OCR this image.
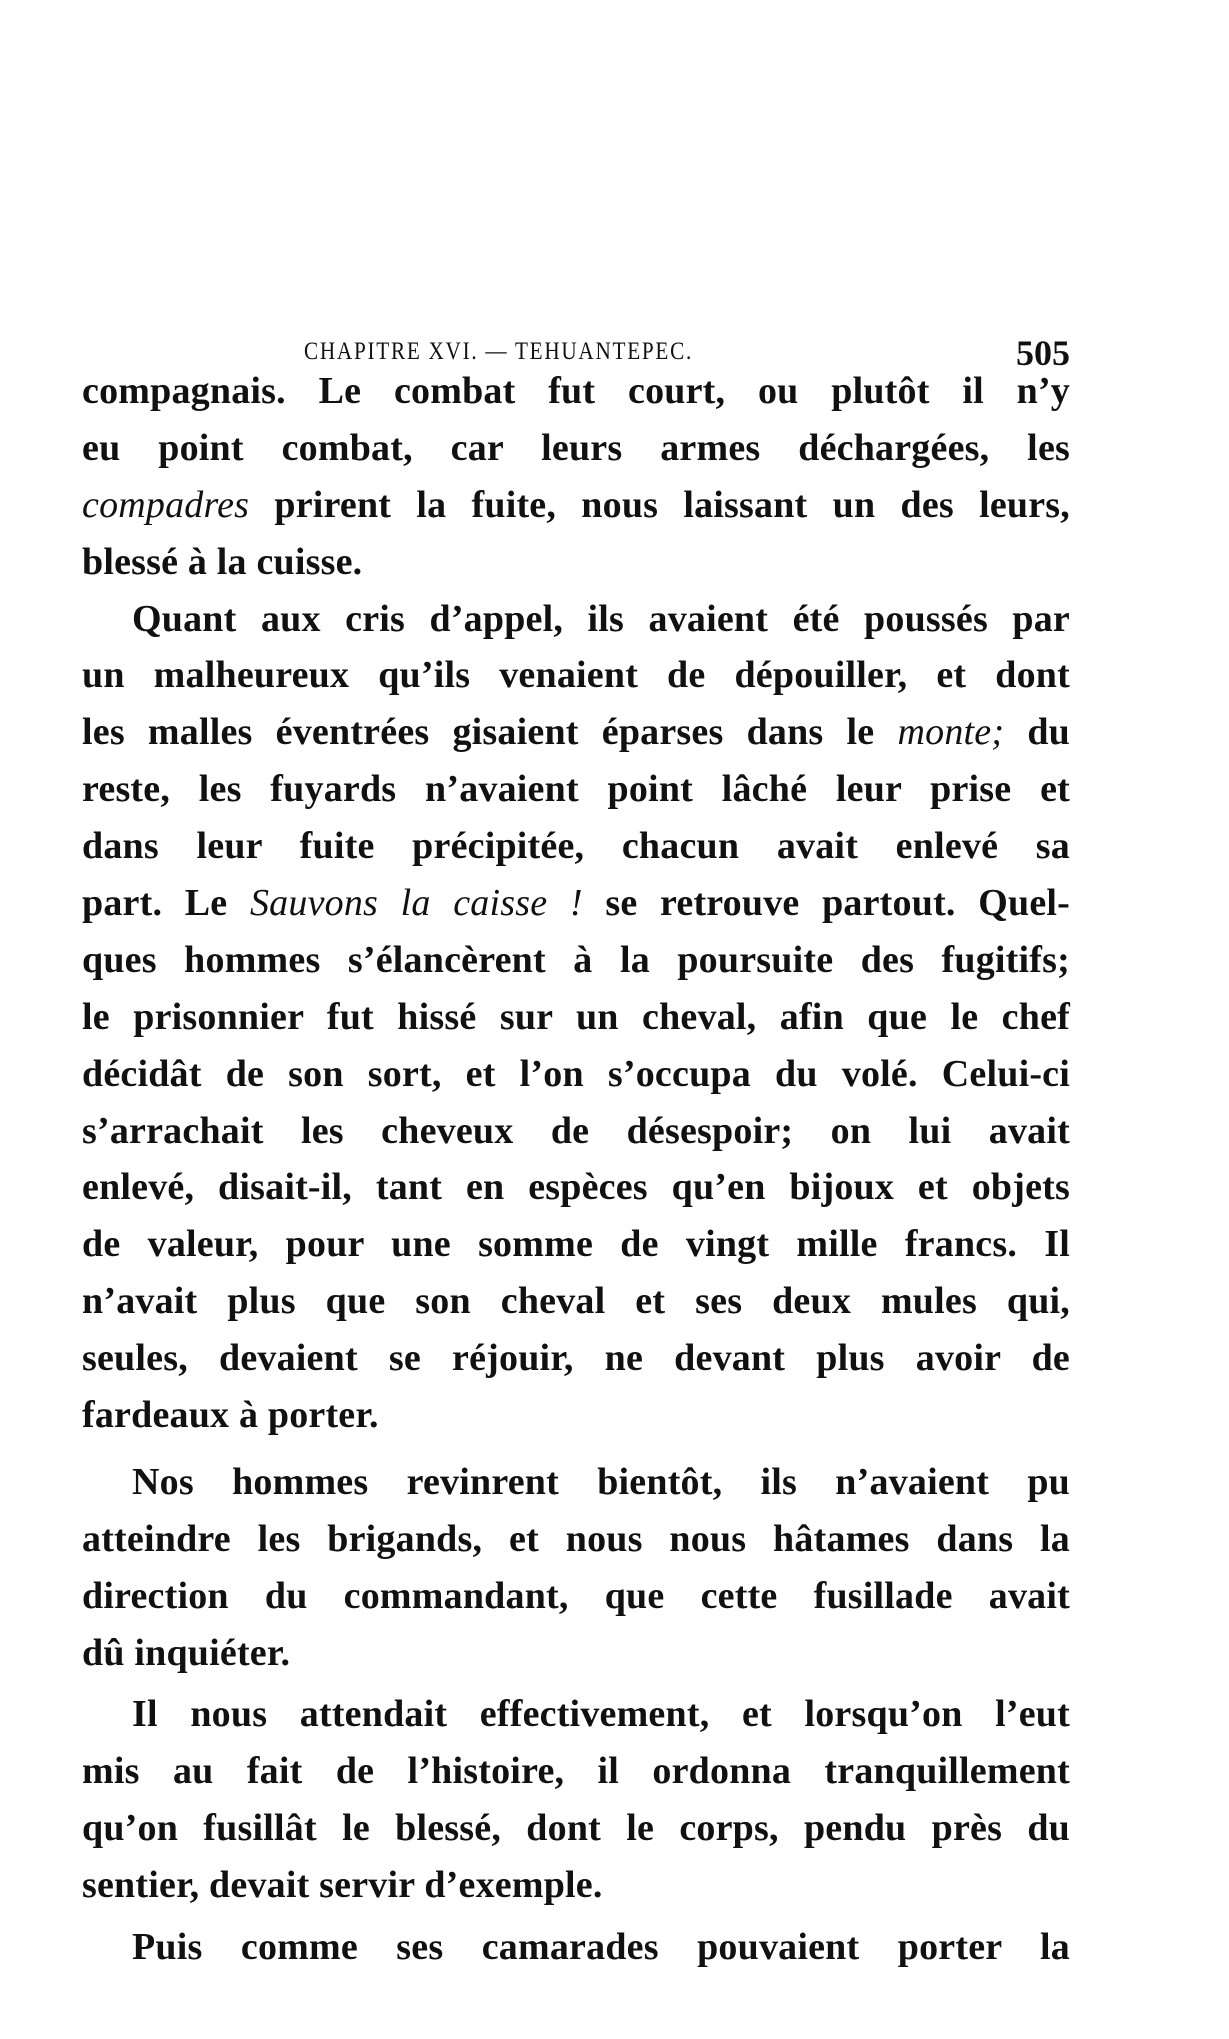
CHAPITRE XVI. — TEHUANTEPEC.	505
compagnais. Le combat fut court, ou plutôt il n’y
eu point combat, car leurs armes déchargées, les
compadres prirent la fuite, nous laissant un des leurs,
blessé à la cuisse.
Quant aux cris d’appel, ils avaient été poussés par
un malheureux qu’ils venaient de dépouiller, et dont
les malles éventrées gisaient éparses dans le monte; du
reste, les fuyards n’avaient point lâché leur prise et
dans leur fuite précipitée, chacun avait enlevé sa
part. Le Sauvons la caisse ! se retrouve partout. Quel-
ques hommes s’élancèrent à la poursuite des fugitifs;
le prisonnier fut hissé sur un cheval, afin que le chef
décidât de son sort, et l’on s’occupa du volé. Celui-ci
s’arrachait les cheveux de désespoir; on lui avait
enlevé, disait-il, tant en espèces qu’en bijoux et objets
de valeur, pour une somme de vingt mille francs. Il
n’avait plus que son cheval et ses deux mules qui,
seules, devaient se réjouir, ne devant plus avoir de
fardeaux à porter.
Nos hommes revinrent bientôt, ils n’avaient pu
atteindre les brigands, et nous nous hâtames dans la
direction du commandant, que cette fusillade avait
dû inquiéter.
Il nous attendait effectivement, et lorsqu’on l’eut
mis au fait de l’histoire, il ordonna tranquillement
qu’on fusillât le blessé, dont le corps, pendu près du
sentier, devait servir d’exemple.
Puis comme ses camarades pouvaient porter la
